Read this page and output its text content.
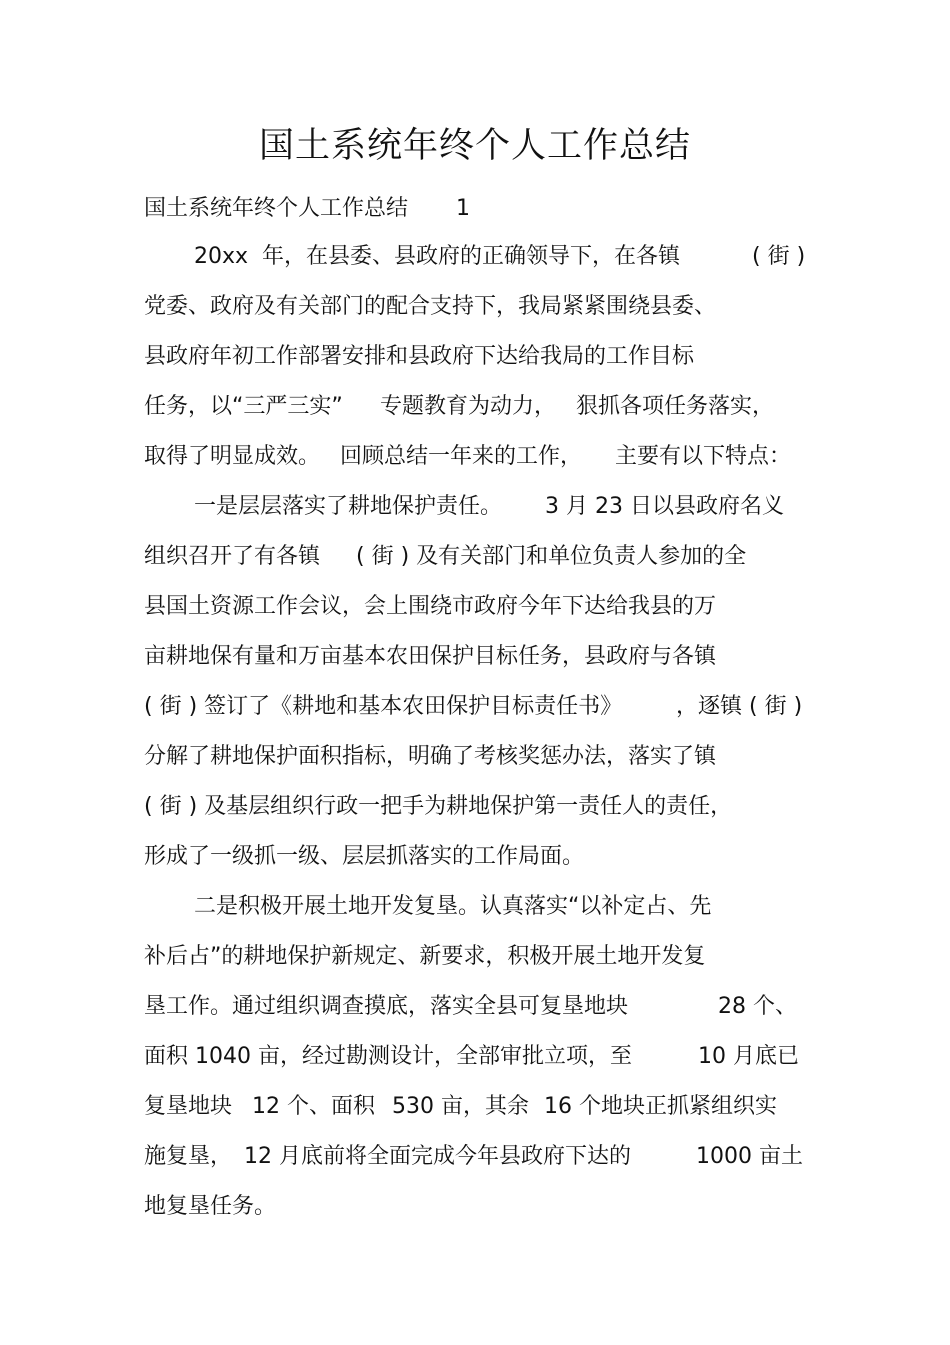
国土系统年终个人工作总结
国土系统年终个人工作总结 1
20xx 年，在县委、县政府的正确领导下，在各镇	( 街 )
党委、政府及有关部门的配合支持下，我局紧紧围绕县委、
县政府年初工作部署安排和县政府下达给我局的工作目标
任务，以“三严三实” 专题教育为动力， 狠抓各项任务落实，
取得了明显成效。 回顾总结一年来的工作， 主要有以下特点：
一是层层落实了耕地保护责任。 3 月 23 日以县政府名义
组织召开了有各镇 ( 街 ) 及有关部门和单位负责人参加的全
县国土资源工作会议，会上围绕市政府今年下达给我县的万
亩耕地保有量和万亩基本农田保护目标任务，县政府与各镇
( 街 ) 签订了《耕地和基本农田保护目标责任书》 ，逐镇 ( 街 )
分解了耕地保护面积指标，明确了考核奖惩办法，落实了镇
( 街 ) 及基层组织行政一把手为耕地保护第一责任人的责任，
形成了一级抓一级、层层抓落实的工作局面。
二是积极开展土地开发复垦。认真落实“以补定占、先
补后占”的耕地保护新规定、新要求，积极开展土地开发复
垦工作。通过组织调查摸底，落实全县可复垦地块	28 个、
面积 1040 亩，经过勘测设计，全部审批立项，至	10 月底已
复垦地块 12 个、面积 530 亩，其余 16 个地块正抓紧组织实
施复垦， 12 月底前将全面完成今年县政府下达的	1000 亩土
地复垦任务。
